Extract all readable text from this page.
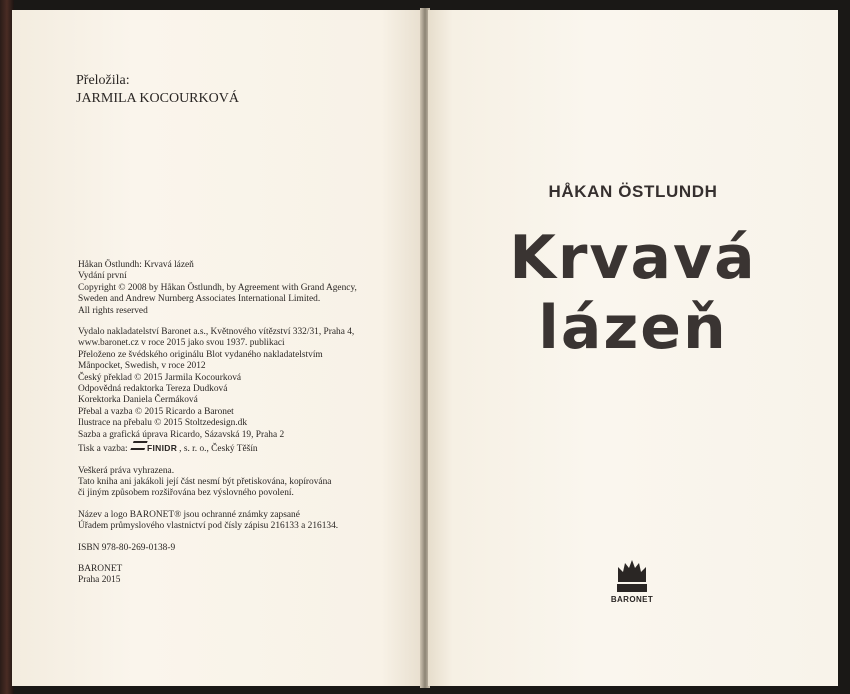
Přeložila:
JARMILA KOCOURKOVÁ
Håkan Östlundh: Krvavá lázeň
Vydání první
Copyright © 2008 by Håkan Östlundh, by Agreement with Grand Agency,
Sweden and Andrew Nurnberg Associates International Limited.
All rights reserved
Vydalo nakladatelství Baronet a.s., Květnového vítězství 332/31, Praha 4,
www.baronet.cz v roce 2015 jako svou 1937. publikaci
Přeloženo ze švédského originálu Blot vydaného nakladatelstvím
Månpocket, Swedish, v roce 2012
Český překlad © 2015 Jarmila Kocourková
Odpovědná redaktorka Tereza Dudková
Korektorka Daniela Čermáková
Přebal a vazba © 2015 Ricardo a Baronet
Ilustrace na přebalu © 2015 Stoltzedesign.dk
Sazba a grafická úprava Ricardo, Sázavská 19, Praha 2
Tisk a vazba: FINIDR , s. r. o., Český Těšín
Veškerá práva vyhrazena.
Tato kniha ani jakákoli její část nesmí být přetiskována, kopírována
či jiným způsobem rozšiřována bez výslovného povolení.
Název a logo BARONET® jsou ochranné známky zapsané
Úřadem průmyslového vlastnictví pod čísly zápisu 216133 a 216134.
ISBN 978-80-269-0138-9
BARONET
Praha 2015
HÅKAN ÖSTLUNDH
Krvavá
lázeň
BARONET
